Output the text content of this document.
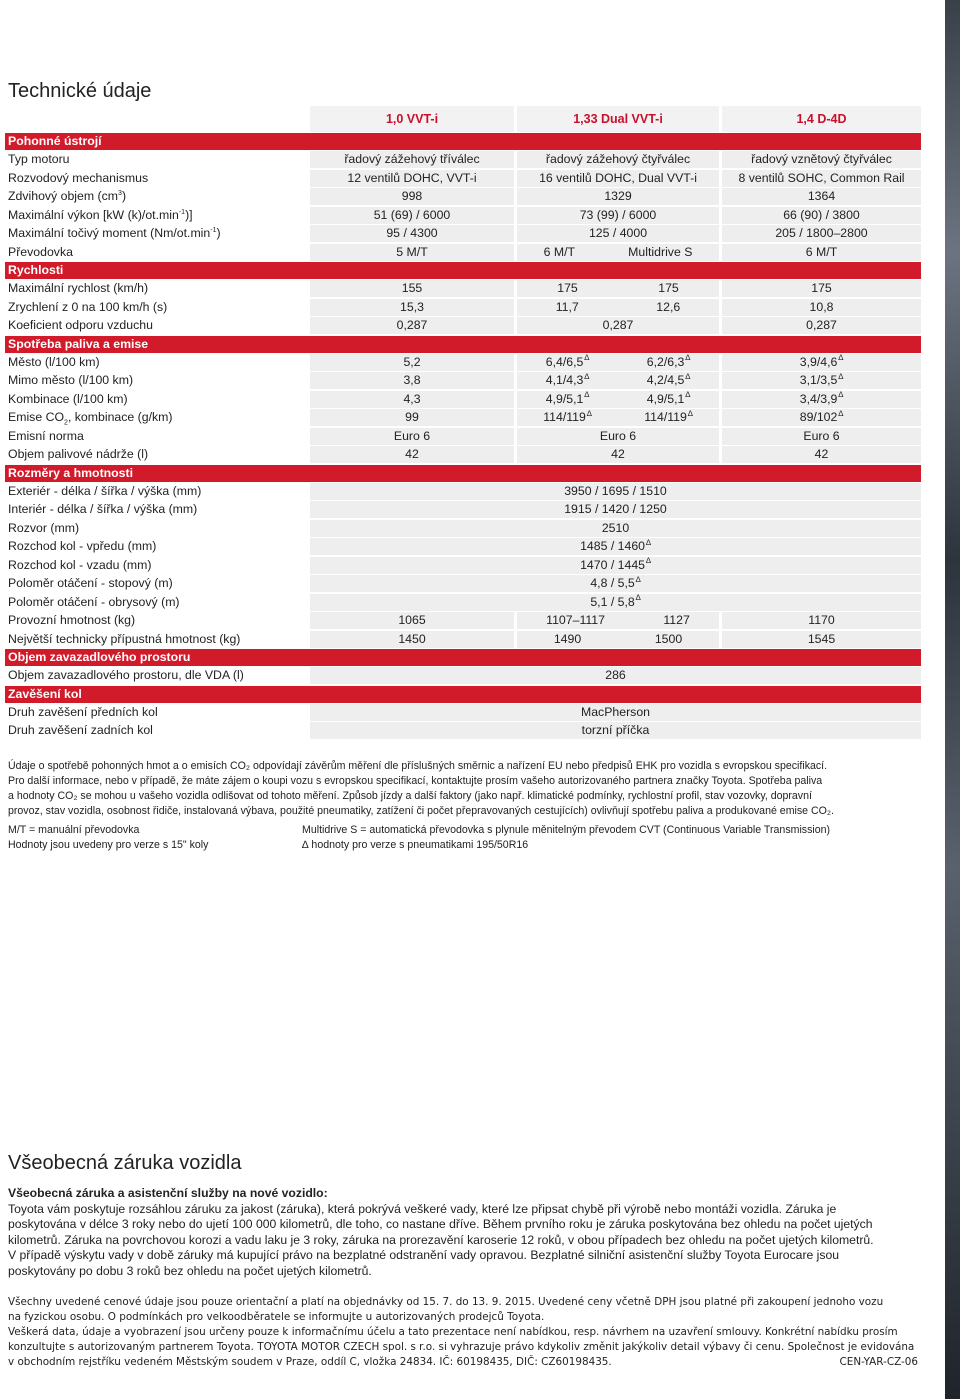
Technické údaje
1,0 VVT-i	1,33 Dual VVT-i	1,4 D-4D
Pohonné ústrojí
Typ motoru	řadový zážehový tříválec	řadový zážehový čtyřválec	řadový vznětový čtyřválec
Rozvodový mechanismus	12 ventilů DOHC, VVT-i	16 ventilů DOHC, Dual VVT-i	8 ventilů SOHC, Common Rail
Zdvihový objem $(cm^3)$	998	1329	1364
Maximální výkon [kW $(k)/ot.\min^{-1}$)]	51 (69) / 6000	73 (99) / 6000	66 (90) / 3800
Maximální točivý moment $(Nm/ot.\min^{-1})$	95 / 4300	125 / 4000	205 / 1800–2800
Převodovka	5 M/T	6 M/T	Multidrive S	6 M/T
Rychlosti
Maximální rychlost (km/h)	155	175	175	175
Zrychlení z 0 na 100 km/h (s)	15,3	11,7	12,6	10,8
Koeficient odporu vzduchu	0,287	0,287	0,287
Spotřeba paliva a emise
Město (l/100 km)	5,2	6,4/6,5∆	6,2/6,3∆	3,9/4,6∆
Mimo město (l/100 km)	3,8	4,1/4,3∆	4,2/4,5∆	3,1/3,5∆
Kombinace (l/100 km)	4,3	4,9/5,1∆	4,9/5,1∆	3,4/3,9∆
Emise $CO_2$, kombinace (g/km)	99	114/119∆	114/119∆	89/102∆
Emisní norma	Euro 6	Euro 6	Euro 6
Objem palivové nádrže (l)	42	42	42
Rozměry a hmotnosti
Exteriér - délka / šířka / výška (mm)	3950 / 1695 / 1510
Interiér - délka / šířka / výška (mm)	1915 / 1420 / 1250
Rozvor (mm)	2510
Rozchod kol - vpředu (mm)	1485 / 1460∆
Rozchod kol - vzadu (mm)	1470 / 1445∆
Poloměr otáčení - stopový (m)	4,8 / 5,5∆
Poloměr otáčení - obrysový (m)	5,1 / 5,8∆
Provozní hmotnost (kg)	1065	1107–1117	1127	1170
Největší technicky přípustná hmotnost (kg)	1450	1490	1500	1545
Objem zavazadlového prostoru
Objem zavazadlového prostoru, dle VDA (l)	286
Zavěšení kol
Druh zavěšení předních kol	MacPherson
Druh zavěšení zadních kol	torzní příčka
Údaje o spotřebě pohonných hmot a o emisích CO₂ odpovídají závěrům měření dle příslušných směrnic a nařízení EU nebo předpisů EHK pro vozidla s evropskou specifikací.
Pro další informace, nebo v případě, že máte zájem o koupi vozu s evropskou specifikací, kontaktujte prosím vašeho autorizovaného partnera značky Toyota. Spotřeba paliva
a hodnoty CO₂ se mohou u vašeho vozidla odlišovat od tohoto měření. Způsob jízdy a další faktory (jako např. klimatické podmínky, rychlostní profil, stav vozovky, dopravní
provoz, stav vozidla, osobnost řidiče, instalovaná výbava, použité pneumatiky, zatížení či počet přepravovaných cestujících) ovlivňují spotřebu paliva a produkované emise CO₂.
M/T = manuální převodovka
Hodnoty jsou uvedeny pro verze s 15" koly
Multidrive S = automatická převodovka s plynule měnitelným převodem CVT (Continuous Variable Transmission)
∆ hodnoty pro verze s pneumatikami 195/50R16
Všeobecná záruka vozidla
Všeobecná záruka a asistenční služby na nové vozidlo:
Toyota vám poskytuje rozsáhlou záruku za jakost (záruka), která pokrývá veškeré vady, které lze připsat chybě při výrobě nebo montáži vozidla. Záruka je
poskytována v délce 3 roky nebo do ujetí 100 000 kilometrů, dle toho, co nastane dříve. Během prvního roku je záruka poskytována bez ohledu na počet ujetých
kilometrů. Záruka na povrchovou korozi a vadu laku je 3 roky, záruka na prorezavění karoserie 12 roků, v obou případech bez ohledu na počet ujetých kilometrů.
V případě výskytu vady v době záruky má kupující právo na bezplatné odstranění vady opravou. Bezplatné silniční asistenční služby Toyota Eurocare jsou
poskytovány po dobu 3 roků bez ohledu na počet ujetých kilometrů.
Všechny uvedené cenové údaje jsou pouze orientační a platí na objednávky od 15. 7. do 13. 9. 2015. Uvedené ceny včetně DPH jsou platné při zakoupení jednoho vozu
na fyzickou osobu. O podmínkách pro velkoodběratele se informujte u autorizovaných prodejců Toyota.
Veškerá data, údaje a vyobrazení jsou určeny pouze k informačnímu účelu a tato prezentace není nabídkou, resp. návrhem na uzavření smlouvy. Konkrétní nabídku prosím
konzultujte s autorizovaným partnerem Toyota. TOYOTA MOTOR CZECH spol. s r.o. si vyhrazuje právo kdykoliv změnit jakýkoliv detail výbavy či cenu. Společnost je evidována
v obchodním rejstříku vedeném Městským soudem v Praze, oddíl C, vložka 24834. IČ: 60198435, DIČ: CZ60198435.	CEN-YAR-CZ-06
